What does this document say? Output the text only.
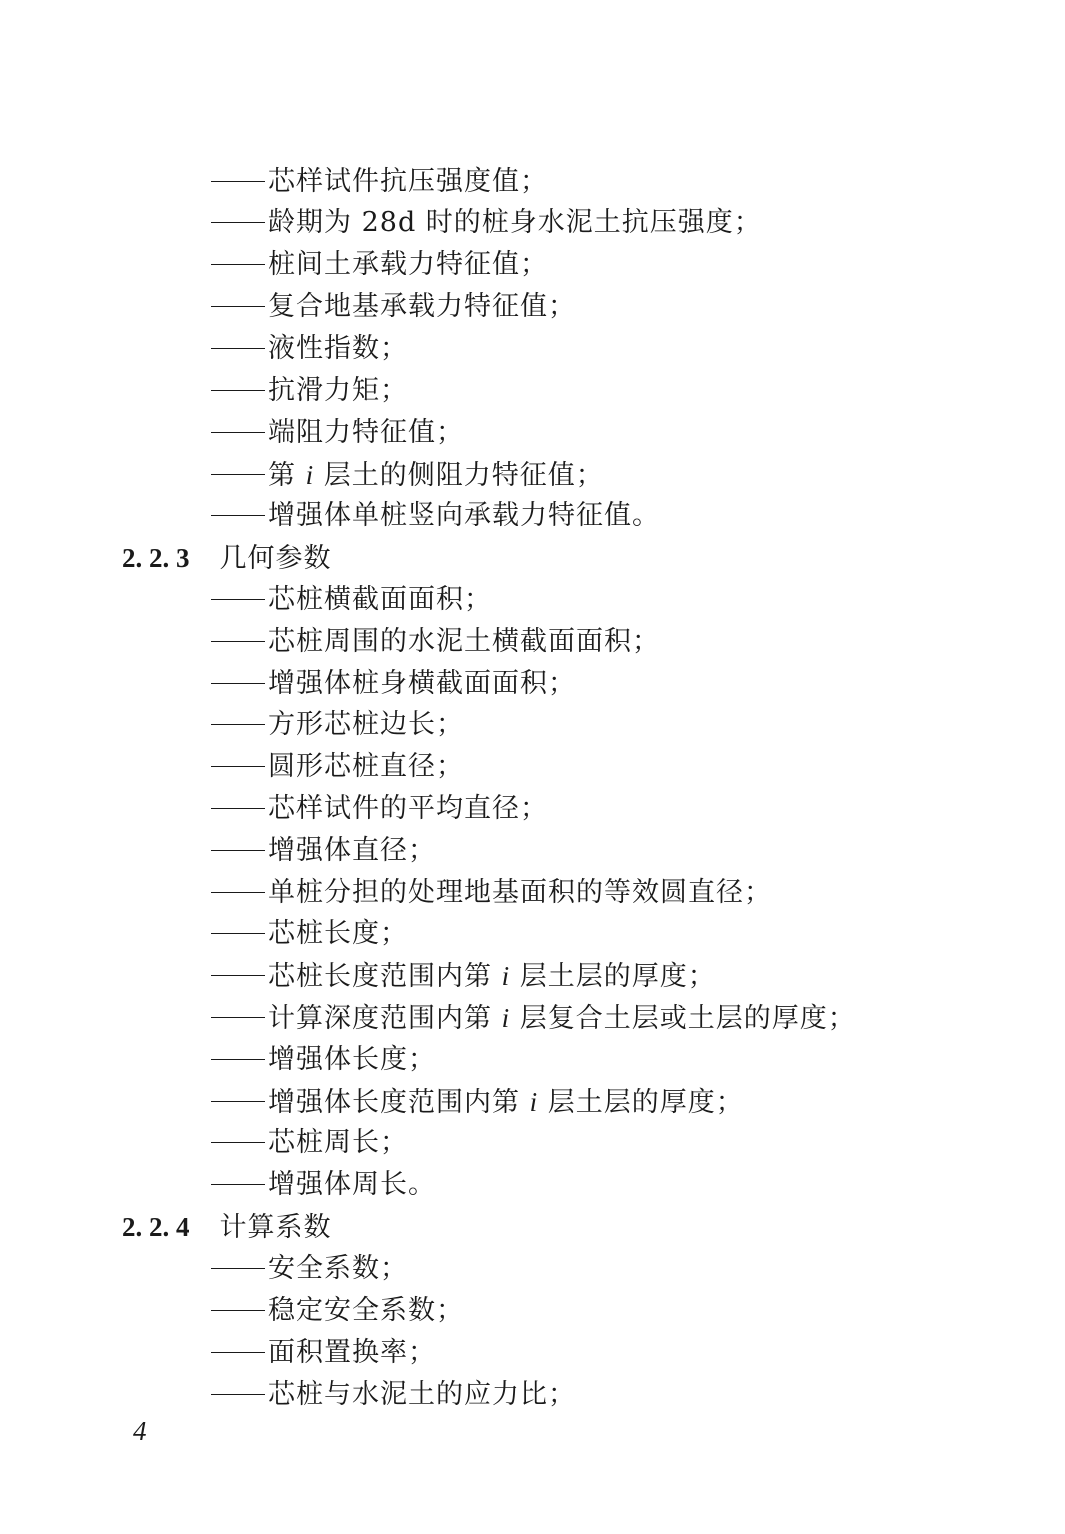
芯样试件抗压强度值；
龄期为 28d 时的桩身水泥土抗压强度；
桩间土承载力特征值；
复合地基承载力特征值；
液性指数；
抗滑力矩；
端阻力特征值；
第 i 层土的侧阻力特征值；
增强体单桩竖向承载力特征值。
2. 2. 3 几何参数
芯桩横截面面积；
芯桩周围的水泥土横截面面积；
增强体桩身横截面面积；
方形芯桩边长；
圆形芯桩直径；
芯样试件的平均直径；
增强体直径；
单桩分担的处理地基面积的等效圆直径；
芯桩长度；
芯桩长度范围内第 i 层土层的厚度；
计算深度范围内第 i 层复合土层或土层的厚度；
增强体长度；
增强体长度范围内第 i 层土层的厚度；
芯桩周长；
增强体周长。
2. 2. 4 计算系数
安全系数；
稳定安全系数；
面积置换率；
芯桩与水泥土的应力比；
4
